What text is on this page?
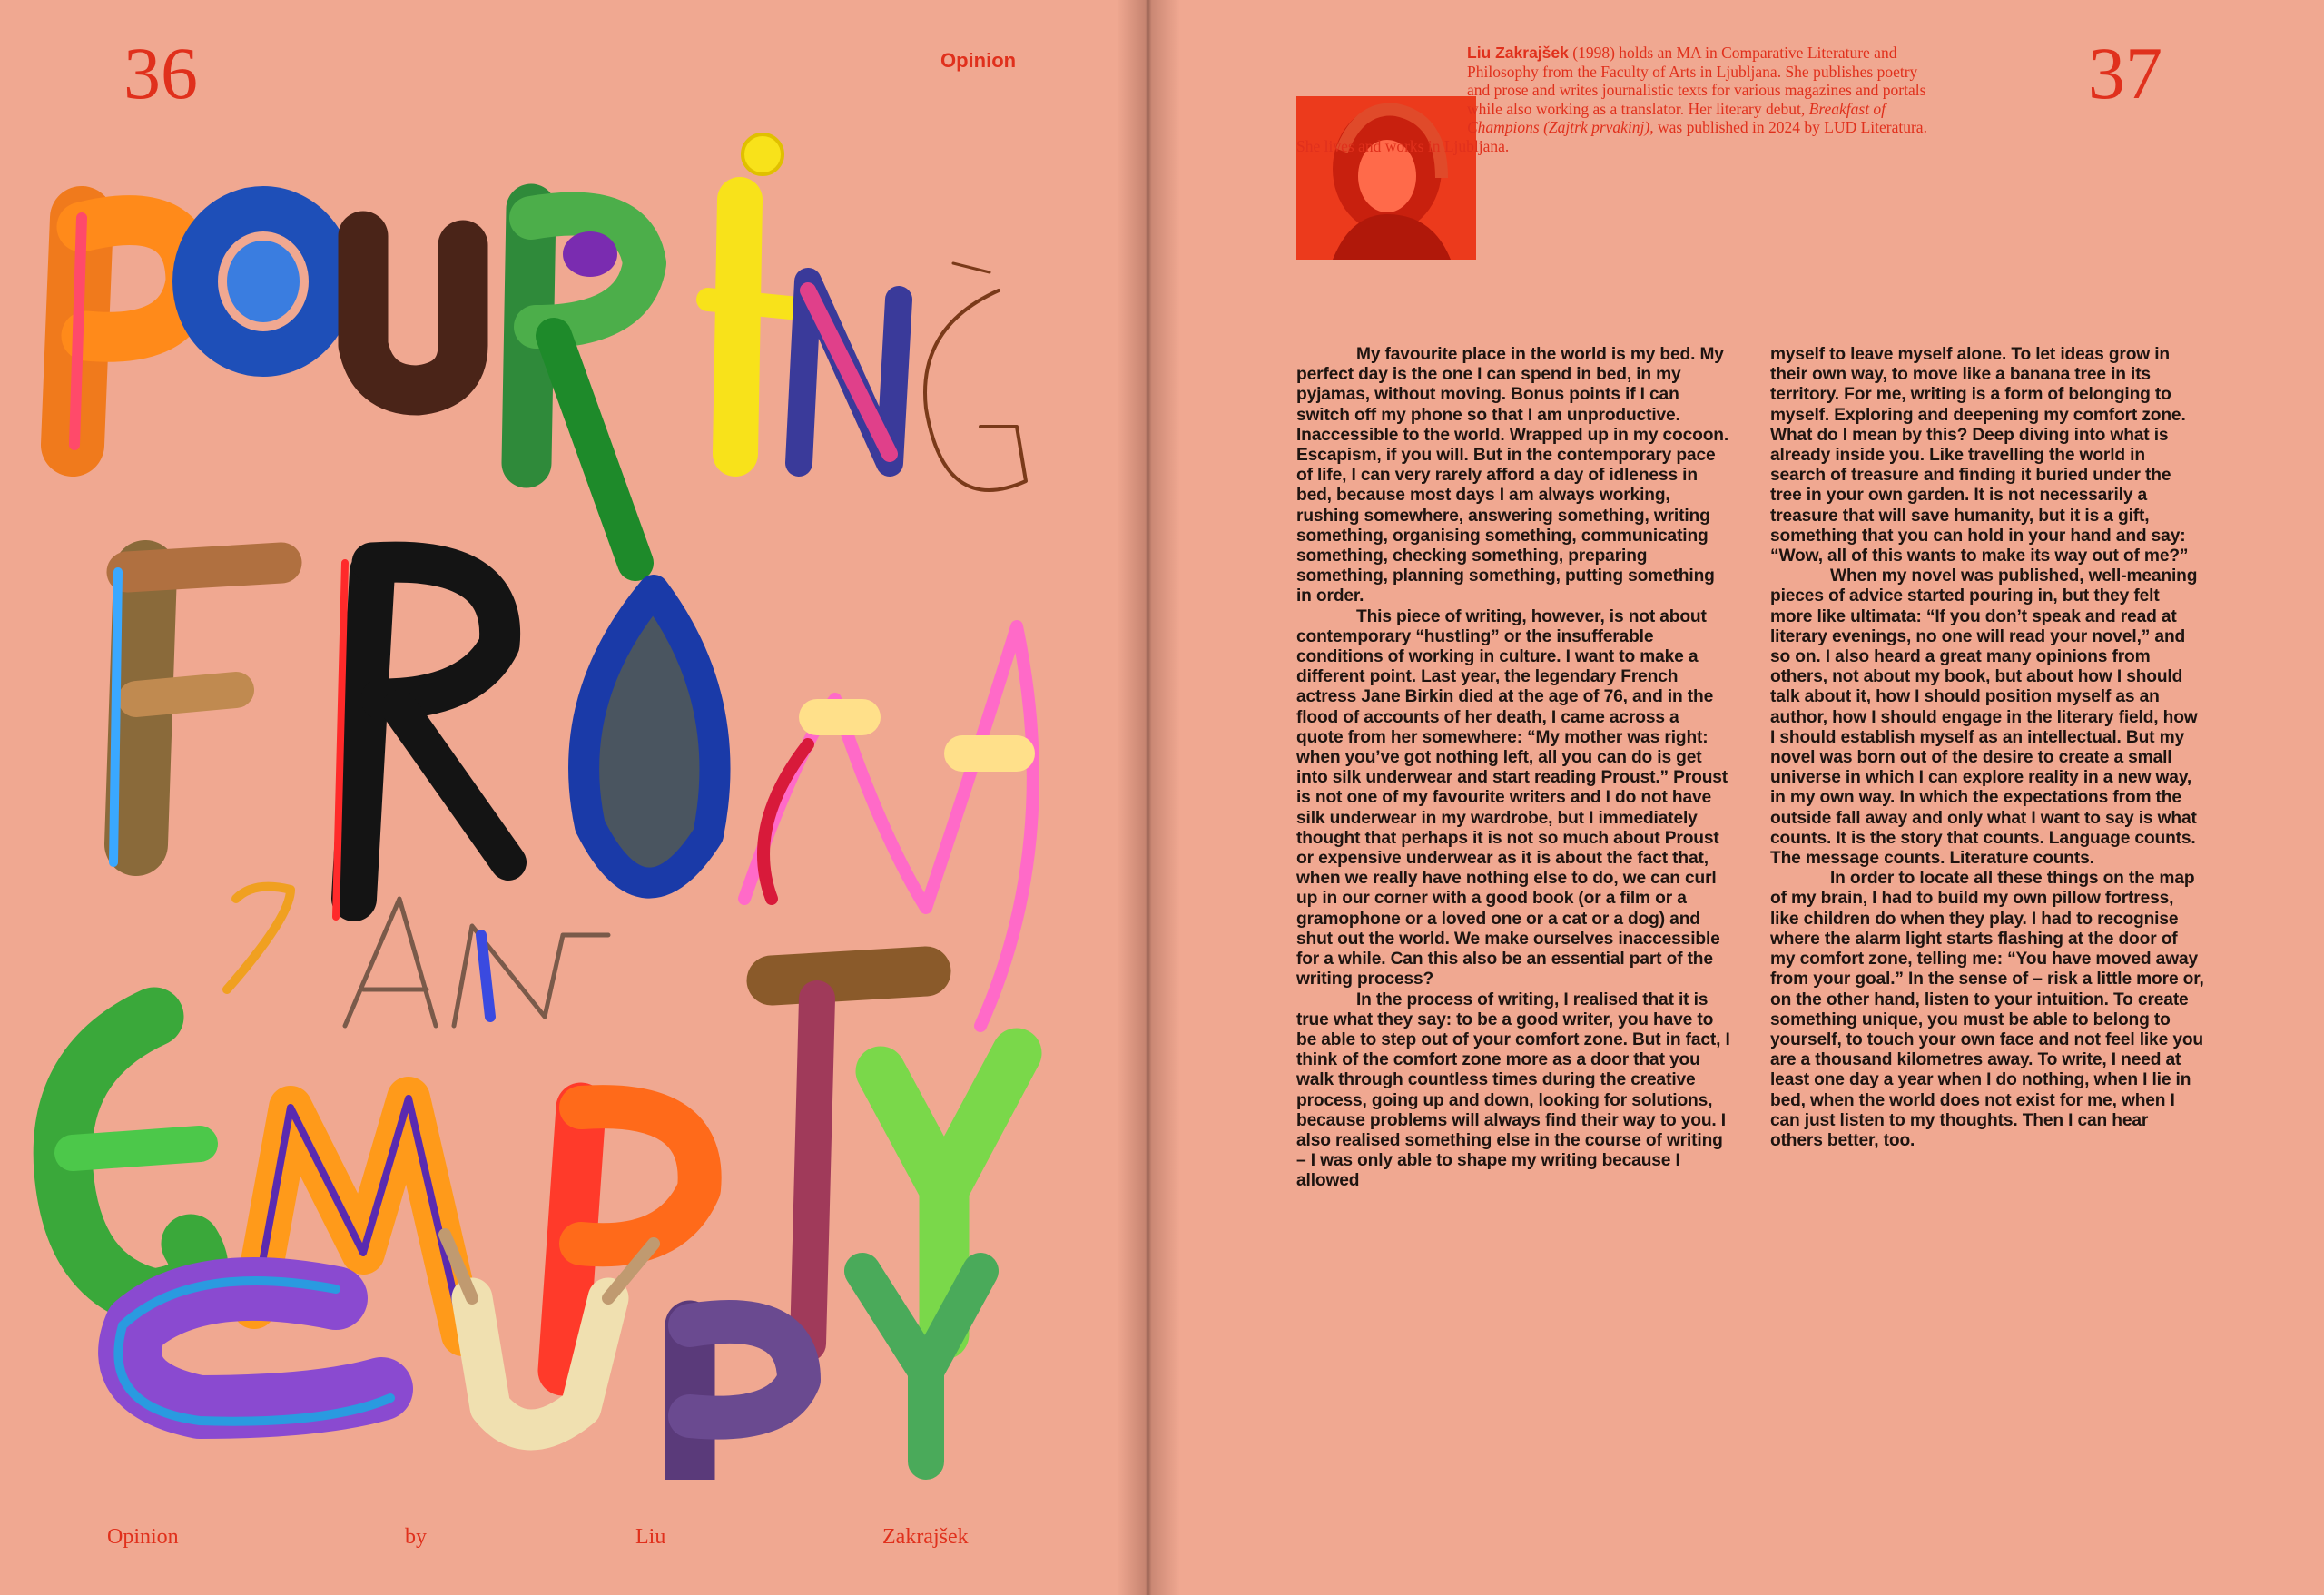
36	Opinion
Opinion	by	Liu	Zakrajšek
37
Liu Zakrajšek (1998) holds an MA in Comparative Literature and Philosophy from the Faculty of Arts in Ljubljana. She publishes poetry and prose and writes journalistic texts for various magazines and portals while also working as a translator. Her literary debut, Breakfast of Champions (Zajtrk prvakinj), was published in 2024 by LUD Literatura. She lives and works in Ljubljana.

My favourite place in the world is my bed. My perfect day is the one I can spend in bed, in my pyjamas, without moving. Bonus points if I can switch off my phone so that I am unproductive. Inaccessible to the world. Wrapped up in my cocoon. Escapism, if you will. But in the contemporary pace of life, I can very rarely afford a day of idleness in bed, because most days I am always working, rushing somewhere, answering something, writing something, organising something, communicating something, checking something, preparing something, planning something, putting something in order.

This piece of writing, however, is not about contemporary “hustling” or the insufferable conditions of working in culture. I want to make a different point. Last year, the legendary French actress Jane Birkin died at the age of 76, and in the flood of accounts of her death, I came across a quote from her somewhere: “My mother was right: when you’ve got nothing left, all you can do is get into silk underwear and start reading Proust.” Proust is not one of my favourite writers and I do not have silk underwear in my wardrobe, but I immediately thought that perhaps it is not so much about Proust or expensive underwear as it is about the fact that, when we really have nothing else to do, we can curl up in our corner with a good book (or a film or a gramophone or a loved one or a cat or a dog) and shut out the world. We make ourselves inaccessible for a while. Can this also be an essential part of the writing process?

In the process of writing, I realised that it is true what they say: to be a good writer, you have to be able to step out of your comfort zone. But in fact, I think of the comfort zone more as a door that you walk through countless times during the creative process, going up and down, looking for solutions, because problems will always find their way to you. I also realised something else in the course of writing – I was only able to shape my writing because I allowed

myself to leave myself alone. To let ideas grow in their own way, to move like a banana tree in its territory. For me, writing is a form of belonging to myself. Exploring and deepening my comfort zone. What do I mean by this? Deep diving into what is already inside you. Like travelling the world in search of treasure and finding it buried under the tree in your own garden. It is not necessarily a treasure that will save humanity, but it is a gift, something that you can hold in your hand and say: “Wow, all of this wants to make its way out of me?”

When my novel was published, well-meaning pieces of advice started pouring in, but they felt more like ultimata: “If you don’t speak and read at literary evenings, no one will read your novel,” and so on. I also heard a great many opinions from others, not about my book, but about how I should talk about it, how I should position myself as an author, how I should engage in the literary field, how I should establish myself as an intellectual. But my novel was born out of the desire to create a small universe in which I can explore reality in a new way, in my own way. In which the expectations from the outside fall away and only what I want to say is what counts. It is the story that counts. Language counts. The message counts. Literature counts.

In order to locate all these things on the map of my brain, I had to build my own pillow fortress, like children do when they play. I had to recognise where the alarm light starts flashing at the door of my comfort zone, telling me: “You have moved away from your goal.” In the sense of – risk a little more or, on the other hand, listen to your intuition. To create something unique, you must be able to belong to yourself, to touch your own face and not feel like you are a thousand kilometres away. To write, I need at least one day a year when I do nothing, when I lie in bed, when the world does not exist for me, when I can just listen to my thoughts. Then I can hear others better, too.
